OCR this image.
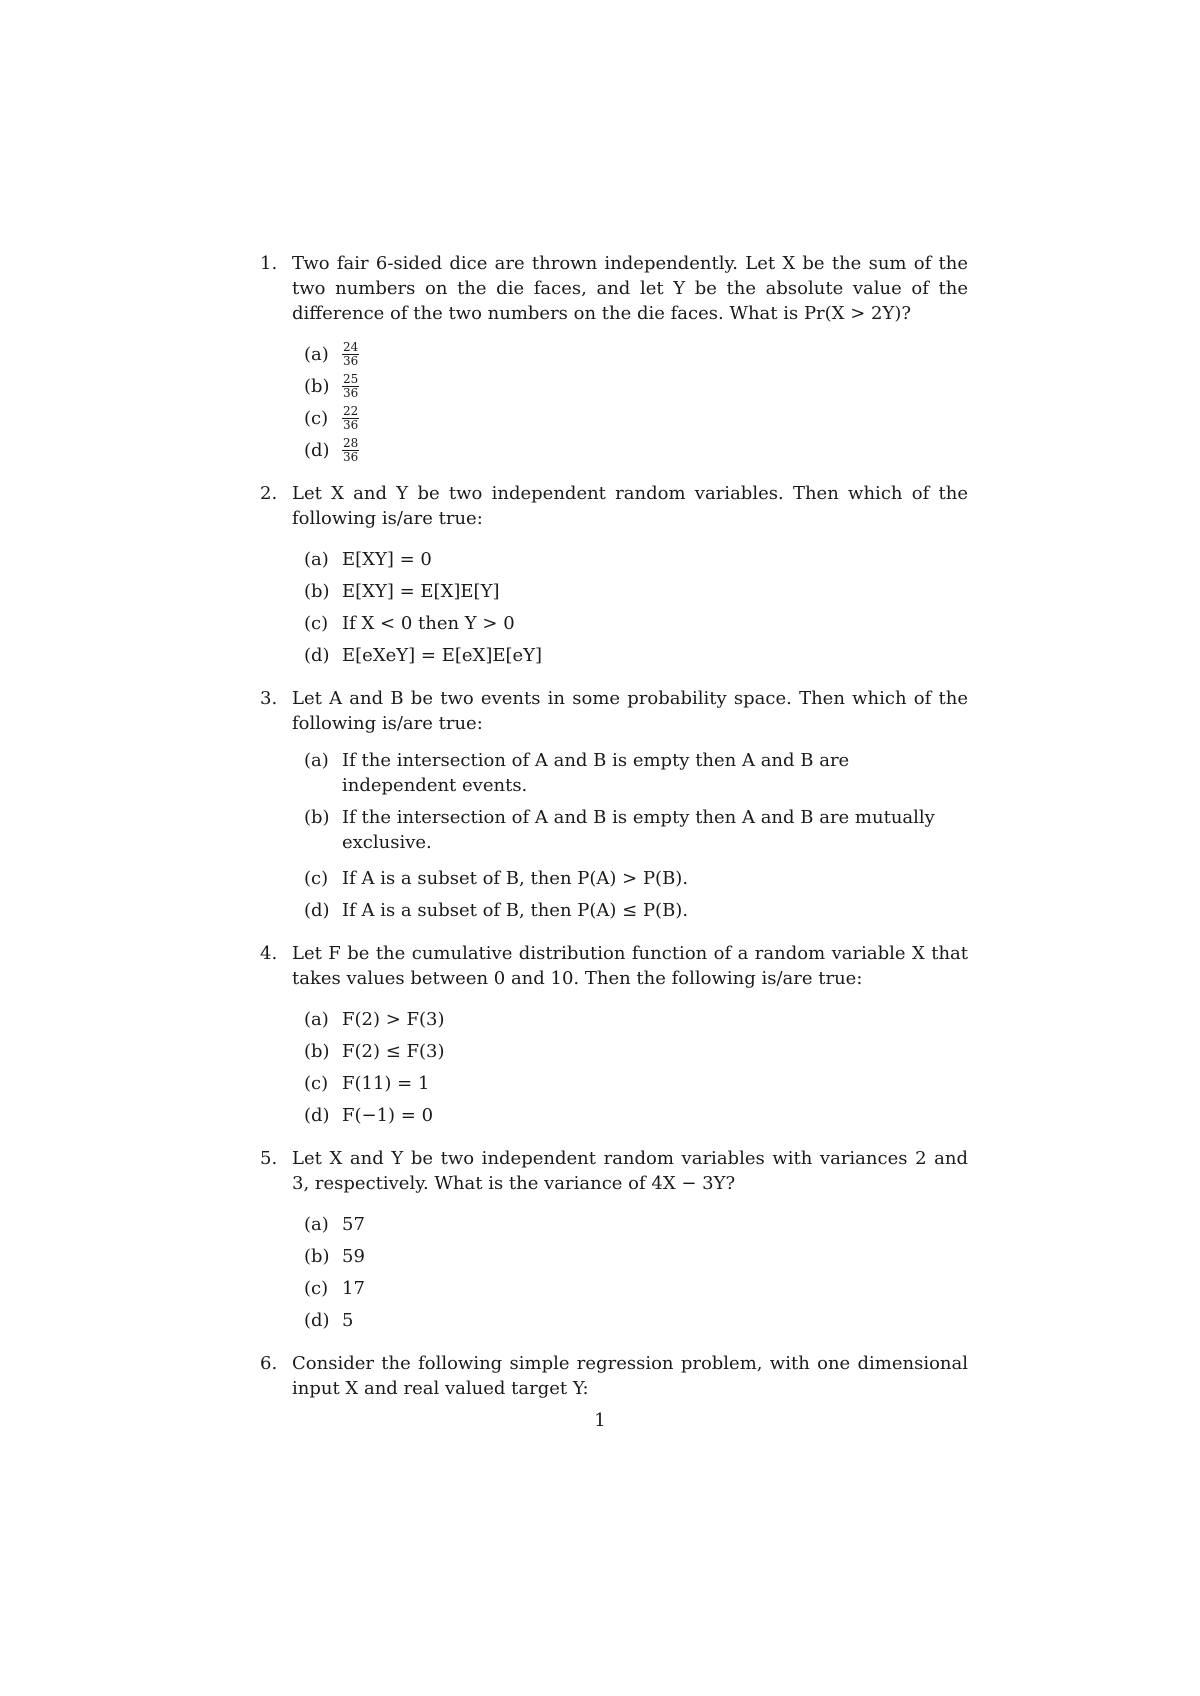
1. Two fair 6-sided dice are thrown independently. Let X be the sum of the two numbers on the die faces, and let Y be the absolute value of the difference of the two numbers on the die faces. What is Pr(X > 2Y)?
(a)	$\frac{24}{36}$
(b)	$\frac{25}{36}$
(c)	$\frac{22}{36}$
(d)	$\frac{28}{36}$
2. Let X and Y be two independent random variables. Then which of the following is/are true:
(a) E[XY] = 0
(b) E[XY] = E[X]E[Y]
(c) If X < 0 then Y > 0
(d) E[eXeY] = E[eX]E[eY]
3. Let A and B be two events in some probability space. Then which of the following is/are true:
(a) If the intersection of A and B is empty then A and B are independent events.
(b) If the intersection of A and B is empty then A and B are mutually exclusive.
(c) If A is a subset of B, then P(A) > P(B).
(d) If A is a subset of B, then P(A) ≤ P(B).
4. Let F be the cumulative distribution function of a random variable X that takes values between 0 and 10. Then the following is/are true:
(a) F(2) > F(3)
(b) F(2) ≤ F(3)
(c) F(11) = 1
(d) F(−1) = 0
5. Let X and Y be two independent random variables with variances 2 and 3, respectively. What is the variance of 4X − 3Y?
(a) 57
(b) 59
(c) 17
(d) 5
6. Consider the following simple regression problem, with one dimensional input X and real valued target Y:
1
